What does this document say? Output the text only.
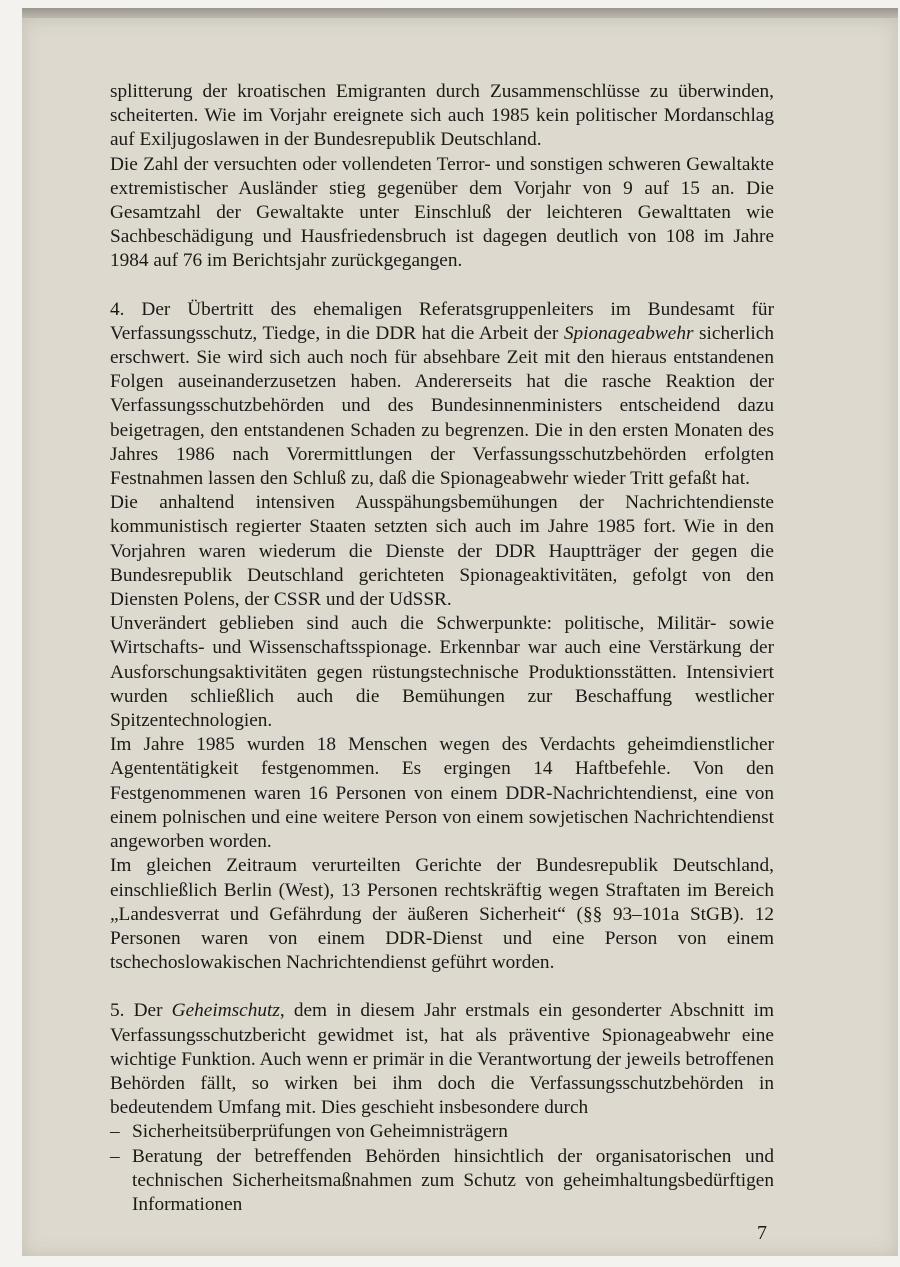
splitterung der kroatischen Emigranten durch Zusammenschlüsse zu überwinden, scheiterten. Wie im Vorjahr ereignete sich auch 1985 kein politischer Mordanschlag auf Exiljugoslawen in der Bundesrepublik Deutschland.

Die Zahl der versuchten oder vollendeten Terror- und sonstigen schweren Gewaltakte extremistischer Ausländer stieg gegenüber dem Vorjahr von 9 auf 15 an. Die Gesamtzahl der Gewaltakte unter Einschluß der leichteren Gewalttaten wie Sachbeschädigung und Hausfriedensbruch ist dagegen deutlich von 108 im Jahre 1984 auf 76 im Berichtsjahr zurückgegangen.

4. Der Übertritt des ehemaligen Referatsgruppenleiters im Bundesamt für Verfassungsschutz, Tiedge, in die DDR hat die Arbeit der Spionageabwehr sicherlich erschwert. Sie wird sich auch noch für absehbare Zeit mit den hieraus entstandenen Folgen auseinanderzusetzen haben. Andererseits hat die rasche Reaktion der Verfassungsschutzbehörden und des Bundesinnenministers entscheidend dazu beigetragen, den entstandenen Schaden zu begrenzen. Die in den ersten Monaten des Jahres 1986 nach Vorermittlungen der Verfassungsschutzbehörden erfolgten Festnahmen lassen den Schluß zu, daß die Spionageabwehr wieder Tritt gefaßt hat.

Die anhaltend intensiven Ausspähungsbemühungen der Nachrichtendienste kommunistisch regierter Staaten setzten sich auch im Jahre 1985 fort. Wie in den Vorjahren waren wiederum die Dienste der DDR Hauptträger der gegen die Bundesrepublik Deutschland gerichteten Spionageaktivitäten, gefolgt von den Diensten Polens, der CSSR und der UdSSR.

Unverändert geblieben sind auch die Schwerpunkte: politische, Militär- sowie Wirtschafts- und Wissenschaftsspionage. Erkennbar war auch eine Verstärkung der Ausforschungsaktivitäten gegen rüstungstechnische Produktionsstätten. Intensiviert wurden schließlich auch die Bemühungen zur Beschaffung westlicher Spitzentechnologien.

Im Jahre 1985 wurden 18 Menschen wegen des Verdachts geheimdienstlicher Agententätigkeit festgenommen. Es ergingen 14 Haftbefehle. Von den Festgenommenen waren 16 Personen von einem DDR-Nachrichtendienst, eine von einem polnischen und eine weitere Person von einem sowjetischen Nachrichtendienst angeworben worden.

Im gleichen Zeitraum verurteilten Gerichte der Bundesrepublik Deutschland, einschließlich Berlin (West), 13 Personen rechtskräftig wegen Straftaten im Bereich „Landesverrat und Gefährdung der äußeren Sicherheit“ (§§ 93–101a StGB). 12 Personen waren von einem DDR-Dienst und eine Person von einem tschechoslowakischen Nachrichtendienst geführt worden.

5. Der Geheimschutz, dem in diesem Jahr erstmals ein gesonderter Abschnitt im Verfassungsschutzbericht gewidmet ist, hat als präventive Spionageabwehr eine wichtige Funktion. Auch wenn er primär in die Verantwortung der jeweils betroffenen Behörden fällt, so wirken bei ihm doch die Verfassungsschutzbehörden in bedeutendem Umfang mit. Dies geschieht insbesondere durch

– Sicherheitsüberprüfungen von Geheimnisträgern

– Beratung der betreffenden Behörden hinsichtlich der organisatorischen und technischen Sicherheitsmaßnahmen zum Schutz von geheimhaltungsbedürftigen Informationen

7
